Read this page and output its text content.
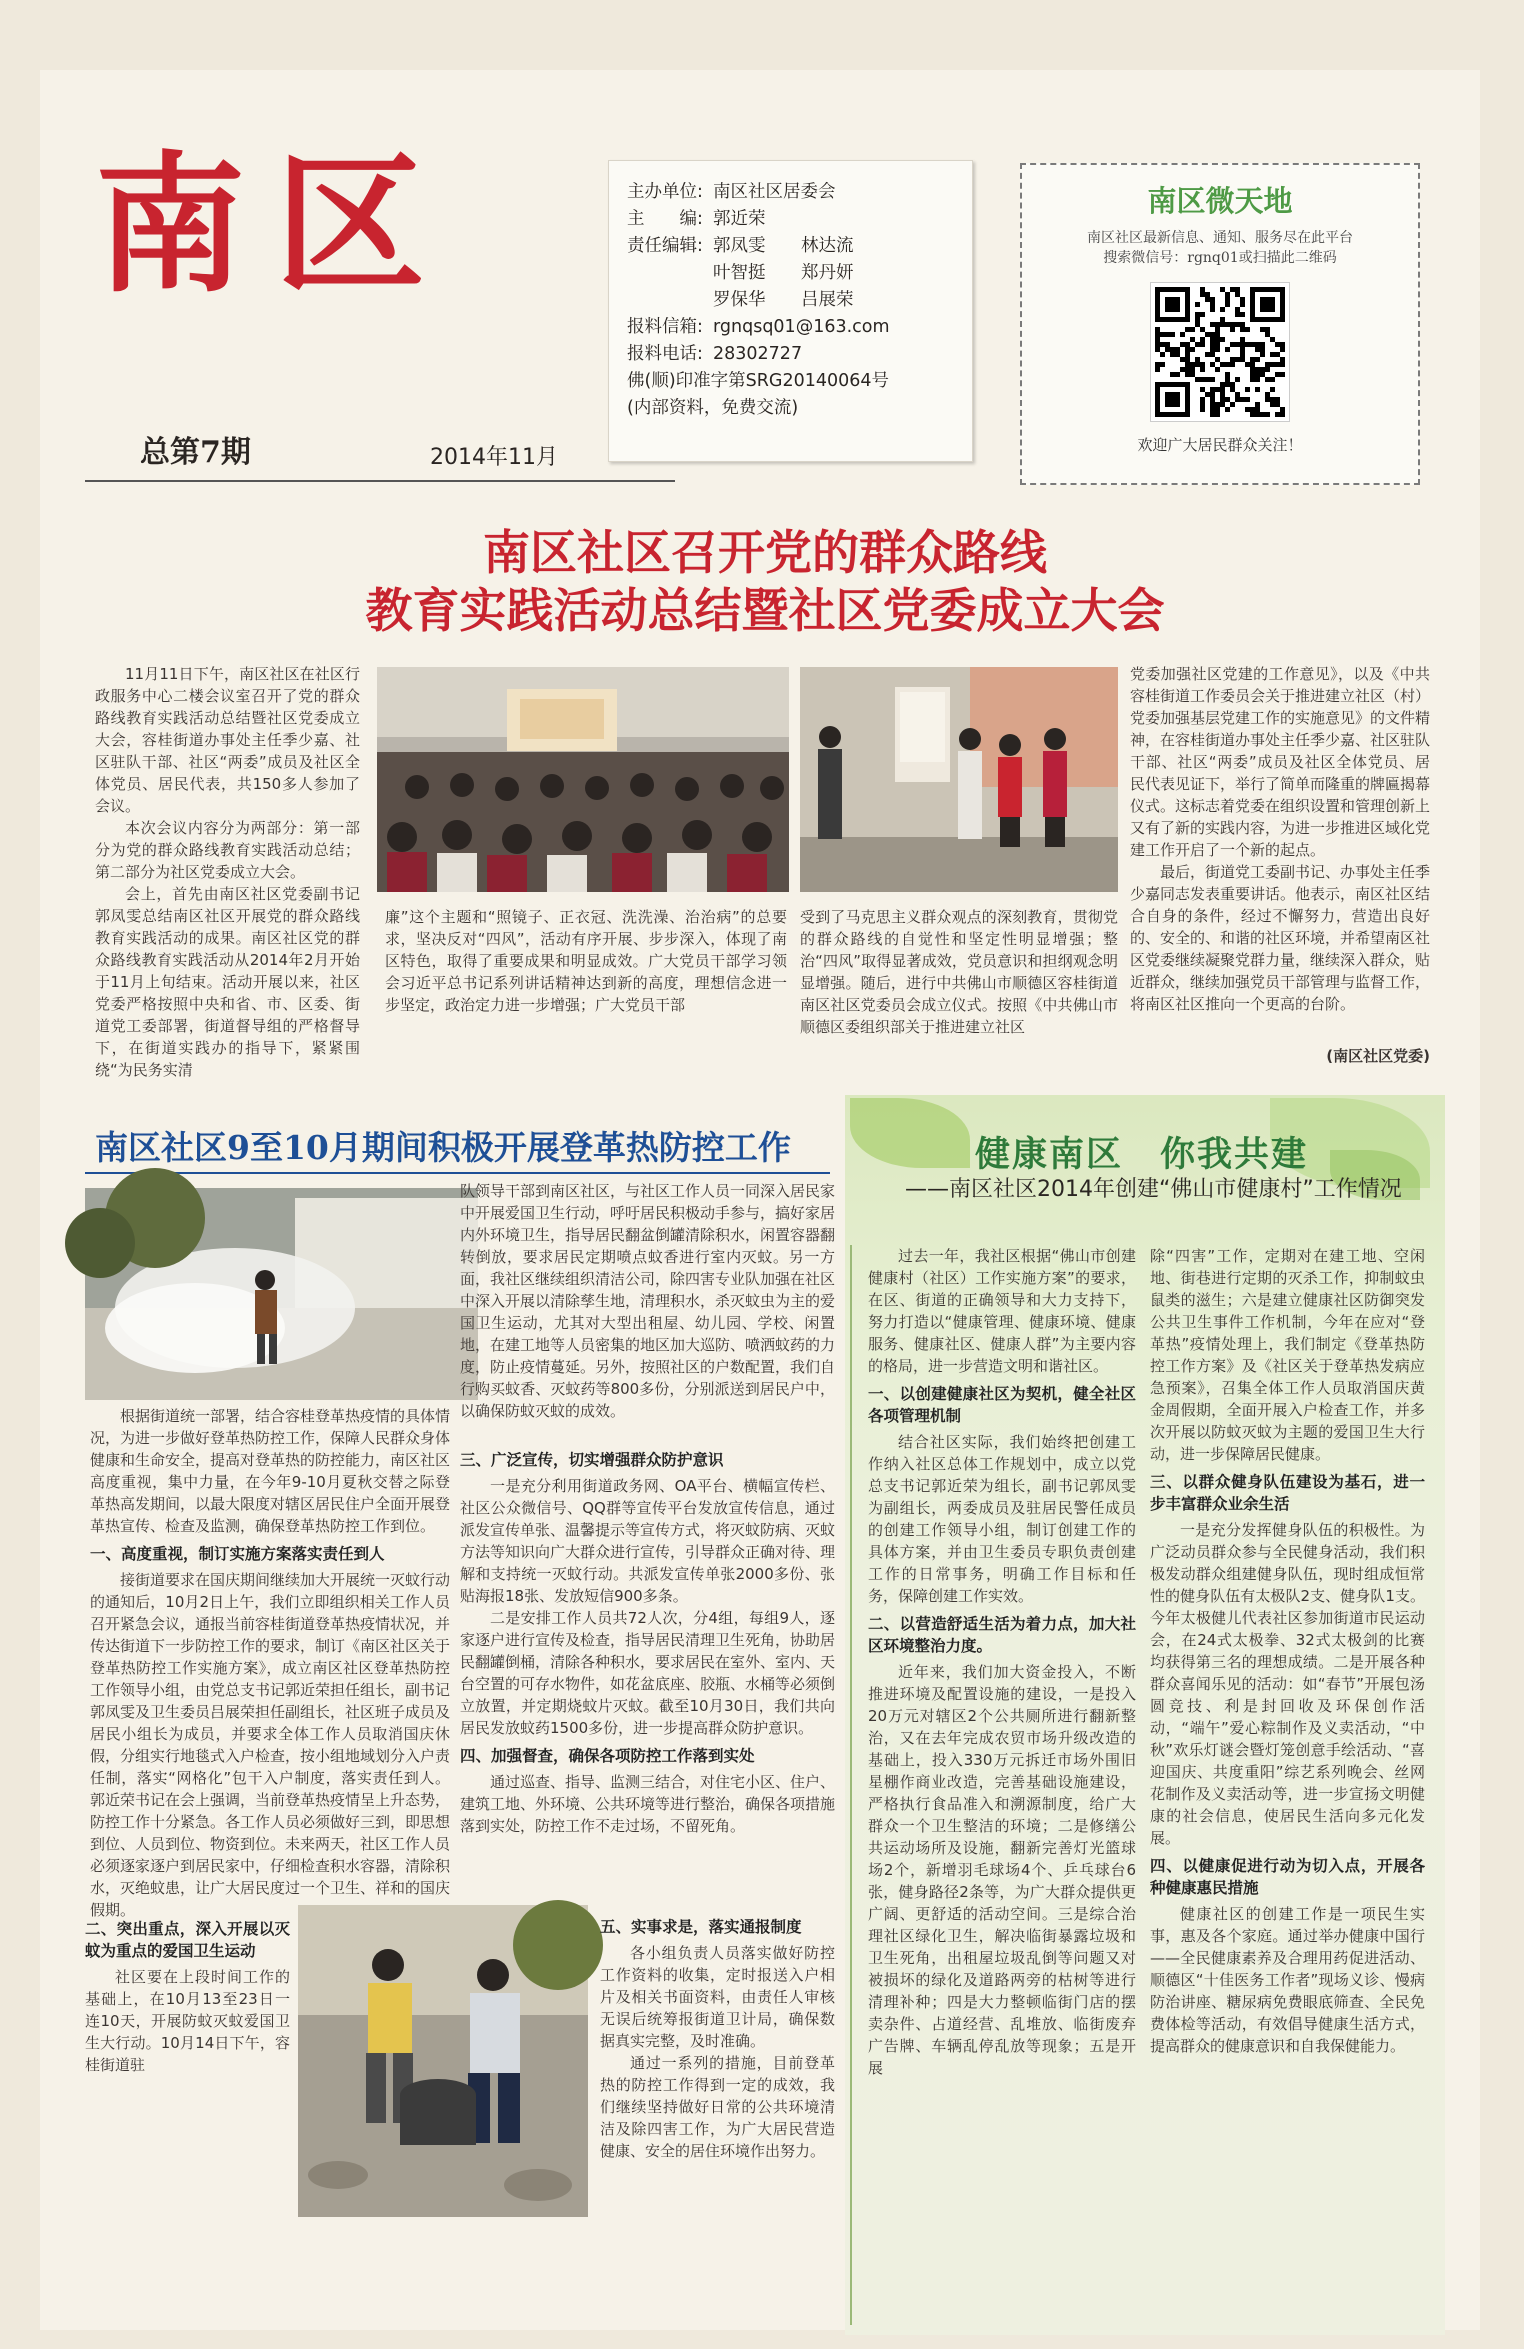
南区
总第7期	2014年11月
主办单位: 南区社区居委会
主　　编: 郭近荣
责任编辑: 郭凤雯	林达流
叶智挺	郑丹妍
罗保华	吕展荣
报料信箱: rgnqsq01@163.com
报料电话: 28302727
佛(顺)印准字第SRG20140064号
(内部资料，免费交流)
南区微天地
南区社区最新信息、通知、服务尽在此平台
搜索微信号：rgnq01或扫描此二维码
欢迎广大居民群众关注！
南区社区召开党的群众路线
教育实践活动总结暨社区党委成立大会

11月11日下午，南区社区在社区行政服务中心二楼会议室召开了党的群众路线教育实践活动总结暨社区党委成立大会，容桂街道办事处主任季少嘉、社区驻队干部、社区“两委”成员及社区全体党员、居民代表，共150多人参加了会议。

本次会议内容分为两部分：第一部分为党的群众路线教育实践活动总结；第二部分为社区党委成立大会。

会上，首先由南区社区党委副书记郭凤雯总结南区社区开展党的群众路线教育实践活动的成果。南区社区党的群众路线教育实践活动从2014年2月开始于11月上旬结束。活动开展以来，社区党委严格按照中央和省、市、区委、街道党工委部署，街道督导组的严格督导下，在街道实践办的指导下，紧紧围绕“为民务实清

廉”这个主题和“照镜子、正衣冠、洗洗澡、治治病”的总要求，坚决反对“四风”，活动有序开展、步步深入，体现了南区特色，取得了重要成果和明显成效。广大党员干部学习领会习近平总书记系列讲话精神达到新的高度，理想信念进一步坚定，政治定力进一步增强；广大党员干部

受到了马克思主义群众观点的深刻教育，贯彻党的群众路线的自觉性和坚定性明显增强；整治“四风”取得显著成效，党员意识和担纲观念明显增强。随后，进行中共佛山市顺德区容桂街道南区社区党委员会成立仪式。按照《中共佛山市顺德区委组织部关于推进建立社区

党委加强社区党建的工作意见》，以及《中共容桂街道工作委员会关于推进建立社区（村）党委加强基层党建工作的实施意见》的文件精神，在容桂街道办事处主任季少嘉、社区驻队干部、社区“两委”成员及社区全体党员、居民代表见证下，举行了简单而隆重的牌匾揭幕仪式。这标志着党委在组织设置和管理创新上又有了新的实践内容，为进一步推进区域化党建工作开启了一个新的起点。

最后，街道党工委副书记、办事处主任季少嘉同志发表重要讲话。他表示，南区社区结合自身的条件，经过不懈努力，营造出良好的、安全的、和谐的社区环境，并希望南区社区党委继续凝聚党群力量，继续深入群众，贴近群众，继续加强党员干部管理与监督工作，将南区社区推向一个更高的台阶。

(南区社区党委)

南区社区9至10月期间积极开展登革热防控工作

队领导干部到南区社区，与社区工作人员一同深入居民家中开展爱国卫生行动，呼吁居民积极动手参与，搞好家居内外环境卫生，指导居民翻盆倒罐清除积水，闲置容器翻转倒放，要求居民定期喷点蚊香进行室内灭蚊。另一方面，我社区继续组织清洁公司，除四害专业队加强在社区中深入开展以清除孳生地，清理积水，杀灭蚊虫为主的爱国卫生运动，尤其对大型出租屋、幼儿园、学校、闲置地，在建工地等人员密集的地区加大巡防、喷洒蚊药的力度，防止疫情蔓延。另外，按照社区的户数配置，我们自行购买蚊香、灭蚊药等800多份，分别派送到居民户中，以确保防蚊灭蚊的成效。

根据街道统一部署，结合容桂登革热疫情的具体情况，为进一步做好登革热防控工作，保障人民群众身体健康和生命安全，提高对登革热的防控能力，南区社区高度重视，集中力量，在今年9-10月夏秋交替之际登革热高发期间，以最大限度对辖区居民住户全面开展登革热宣传、检查及监测，确保登革热防控工作到位。

一、高度重视，制订实施方案落实责任到人

接街道要求在国庆期间继续加大开展统一灭蚊行动的通知后，10月2日上午，我们立即组织相关工作人员召开紧急会议，通报当前容桂街道登革热疫情状况，并传达街道下一步防控工作的要求，制订《南区社区关于登革热防控工作实施方案》，成立南区社区登革热防控工作领导小组，由党总支书记郭近荣担任组长，副书记郭凤雯及卫生委员吕展荣担任副组长，社区班子成员及居民小组长为成员，并要求全体工作人员取消国庆休假，分组实行地毯式入户检查，按小组地域划分入户责任制，落实“网格化”包干入户制度，落实责任到人。郭近荣书记在会上强调，当前登革热疫情呈上升态势，防控工作十分紧急。各工作人员必须做好三到，即思想到位、人员到位、物资到位。未来两天，社区工作人员必须逐家逐户到居民家中，仔细检查积水容器，清除积水，灭绝蚊患，让广大居民度过一个卫生、祥和的国庆假期。

三、广泛宣传，切实增强群众防护意识

一是充分利用街道政务网、OA平台、横幅宣传栏、社区公众微信号、QQ群等宣传平台发放宣传信息，通过派发宣传单张、温馨提示等宣传方式，将灭蚊防病、灭蚊方法等知识向广大群众进行宣传，引导群众正确对待、理解和支持统一灭蚊行动。共派发宣传单张2000多份、张贴海报18张、发放短信900多条。

二是安排工作人员共72人次，分4组，每组9人，逐家逐户进行宣传及检查，指导居民清理卫生死角，协助居民翻罐倒桶，清除各种积水，要求居民在室外、室内、天台空置的可存水物件，如花盆底座、胶瓶、水桶等必须倒立放置，并定期烧蚊片灭蚊。截至10月30日，我们共向居民发放蚊药1500多份，进一步提高群众防护意识。

四、加强督查，确保各项防控工作落到实处

通过巡查、指导、监测三结合，对住宅小区、住户、建筑工地、外环境、公共环境等进行整治，确保各项措施落到实处，防控工作不走过场，不留死角。

二、突出重点，深入开展以灭蚊为重点的爱国卫生运动

社区要在上段时间工作的基础上，在10月13至23日一连10天，开展防蚊灭蚊爱国卫生大行动。10月14日下午，容桂街道驻

五、实事求是，落实通报制度

各小组负责人员落实做好防控工作资料的收集，定时报送入户相片及相关书面资料，由责任人审核无误后统筹报街道卫计局，确保数据真实完整，及时准确。

通过一系列的措施，目前登革热的防控工作得到一定的成效，我们继续坚持做好日常的公共环境清洁及除四害工作，为广大居民营造健康、安全的居住环境作出努力。

健康南区　你我共建
——南区社区2014年创建“佛山市健康村”工作情况

过去一年，我社区根据“佛山市创建健康村（社区）工作实施方案”的要求，在区、街道的正确领导和大力支持下，努力打造以“健康管理、健康环境、健康服务、健康社区、健康人群”为主要内容的格局，进一步营造文明和谐社区。

一、以创建健康社区为契机，健全社区各项管理机制

结合社区实际，我们始终把创建工作纳入社区总体工作规划中，成立以党总支书记郭近荣为组长，副书记郭凤雯为副组长，两委成员及驻居民警任成员的创建工作领导小组，制订创建工作的具体方案，并由卫生委员专职负责创建工作的日常事务，明确工作目标和任务，保障创建工作实效。

二、以营造舒适生活为着力点，加大社区环境整治力度。

近年来，我们加大资金投入，不断推进环境及配置设施的建设，一是投入20万元对辖区2个公共厕所进行翻新整治，又在去年完成农贸市场升级改造的基础上，投入330万元拆迁市场外围旧星棚作商业改造，完善基础设施建设，严格执行食品准入和溯源制度，给广大群众一个卫生整洁的环境；二是修缮公共运动场所及设施，翻新完善灯光篮球场2个，新增羽毛球场4个、乒乓球台6张，健身路径2条等，为广大群众提供更广阔、更舒适的活动空间。三是综合治理社区绿化卫生，解决临街暴露垃圾和卫生死角，出租屋垃圾乱倒等问题又对被损坏的绿化及道路两旁的枯树等进行清理补种；四是大力整顿临街门店的摆卖杂件、占道经营、乱堆放、临街废弃广告牌、车辆乱停乱放等现象；五是开展

除“四害”工作，定期对在建工地、空闲地、街巷进行定期的灭杀工作，抑制蚊虫鼠类的滋生；六是建立健康社区防御突发公共卫生事件工作机制，今年在应对“登革热”疫情处理上，我们制定《登革热防控工作方案》及《社区关于登革热发病应急预案》，召集全体工作人员取消国庆黄金周假期，全面开展入户检查工作，并多次开展以防蚊灭蚊为主题的爱国卫生大行动，进一步保障居民健康。

三、以群众健身队伍建设为基石，进一步丰富群众业余生活

一是充分发挥健身队伍的积极性。为广泛动员群众参与全民健身活动，我们积极发动群众组建健身队伍，现时组成恒常性的健身队伍有太极队2支、健身队1支。今年太极健儿代表社区参加街道市民运动会，在24式太极拳、32式太极剑的比赛均获得第三名的理想成绩。二是开展各种群众喜闻乐见的活动：如“春节”开展包汤圆竞技、利是封回收及环保创作活动，“端午”爱心粽制作及义卖活动，“中秋”欢乐灯谜会暨灯笼创意手绘活动、“喜迎国庆、共度重阳”综艺系列晚会、丝网花制作及义卖活动等，进一步宣扬文明健康的社会信息，使居民生活向多元化发展。

四、以健康促进行动为切入点，开展各种健康惠民措施

健康社区的创建工作是一项民生实事，惠及各个家庭。通过举办健康中国行——全民健康素养及合理用药促进活动、顺德区“十佳医务工作者”现场义诊、慢病防治讲座、糖尿病免费眼底筛查、全民免费体检等活动，有效倡导健康生活方式，提高群众的健康意识和自我保健能力。
